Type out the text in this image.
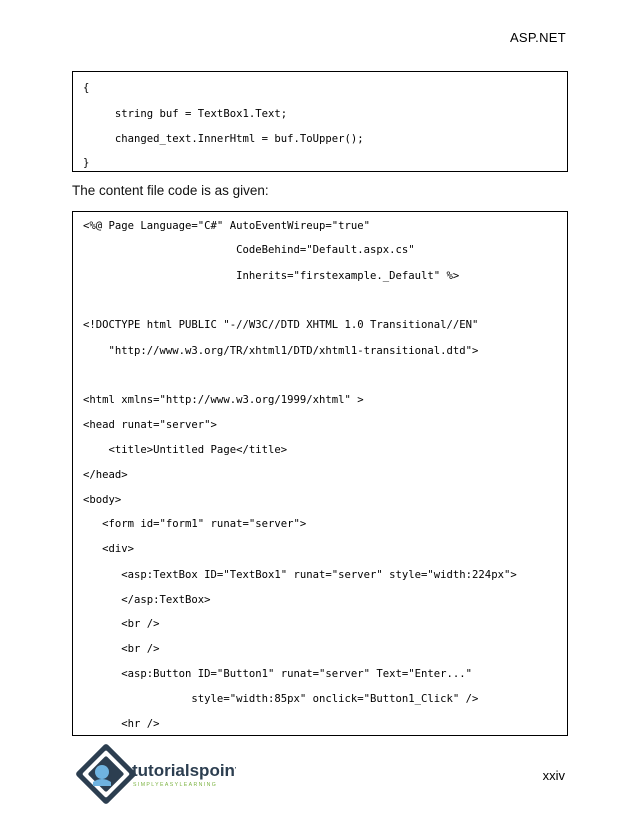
ASP.NET
{
string buf = TextBox1.Text;
changed_text.InnerHtml = buf.ToUpper();
}
The content file code is as given:
<%@ Page Language="C#" AutoEventWireup="true"
CodeBehind="Default.aspx.cs"
Inherits="firstexample._Default" %>
<!DOCTYPE html PUBLIC "-//W3C//DTD XHTML 1.0 Transitional//EN"
"http://www.w3.org/TR/xhtml1/DTD/xhtml1-transitional.dtd">
<html xmlns="http://www.w3.org/1999/xhtml" >
<head runat="server">
<title>Untitled Page</title>
</head>
<body>
<form id="form1" runat="server">
<div>
<asp:TextBox ID="TextBox1" runat="server" style="width:224px">
</asp:TextBox>
<br />
<br />
<asp:Button ID="Button1" runat="server" Text="Enter..."
style="width:85px" onclick="Button1_Click" />
<hr />
tutorialspoint
SIMPLYEASYLEARNING
xxiv
